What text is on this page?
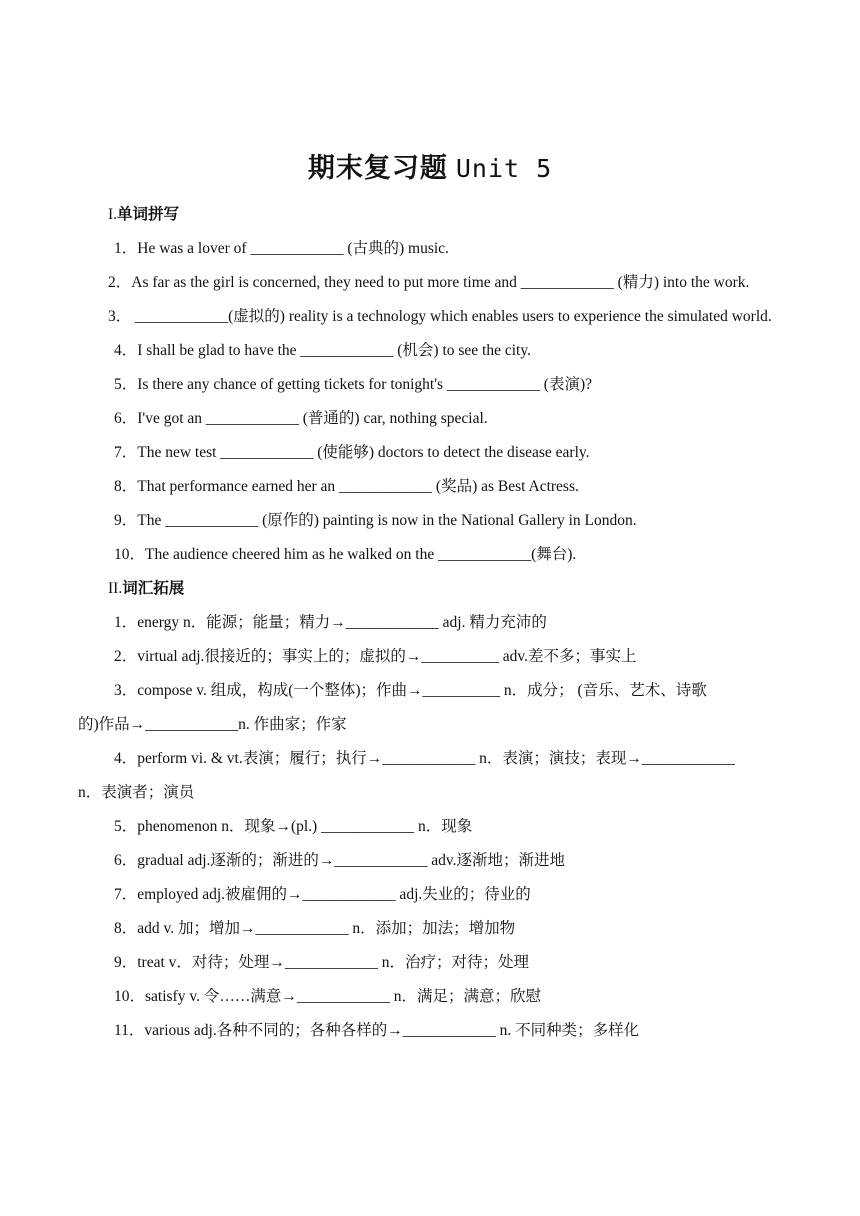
期末复习题 Unit 5
I.单词拼写
1．He was a lover of ____________ (古典的) music.
2．As far as the girl is concerned, they need to put more time and ____________ (精力) into the work.
3． ____________(虚拟的) reality is a technology which enables users to experience the simulated world.
4．I shall be glad to have the ____________ (机会) to see the city.
5．Is there any chance of getting tickets for tonight's ____________ (表演)?
6．I've got an ____________ (普通的) car, nothing special.
7．The new test ____________ (使能够) doctors to detect the disease early.
8．That performance earned her an ____________ (奖品) as Best Actress.
9．The ____________ (原作的) painting is now in the National Gallery in London.
10．The audience cheered him as he walked on the ____________(舞台).
II.词汇拓展
1．energy n．能源；能量；精力→____________ adj. 精力充沛的
2．virtual adj.很接近的；事实上的；虚拟的→__________ adv.差不多；事实上
3．compose v. 组成，构成(一个整体)；作曲→__________ n．成分； (音乐、艺术、诗歌
的)作品→____________n. 作曲家；作家
4．perform vi. & vt.表演；履行；执行→____________ n．表演；演技；表现→____________
n．表演者；演员
5．phenomenon n．现象→(pl.) ____________ n．现象
6．gradual adj.逐渐的；渐进的→____________ adv.逐渐地；渐进地
7．employed adj.被雇佣的→____________ adj.失业的；待业的
8．add v. 加；增加→____________ n．添加；加法；增加物
9．treat v．对待；处理→____________ n．治疗；对待；处理
10．satisfy v. 令……满意→____________ n．满足；满意；欣慰
11．various adj.各种不同的；各种各样的→____________ n. 不同种类；多样化
